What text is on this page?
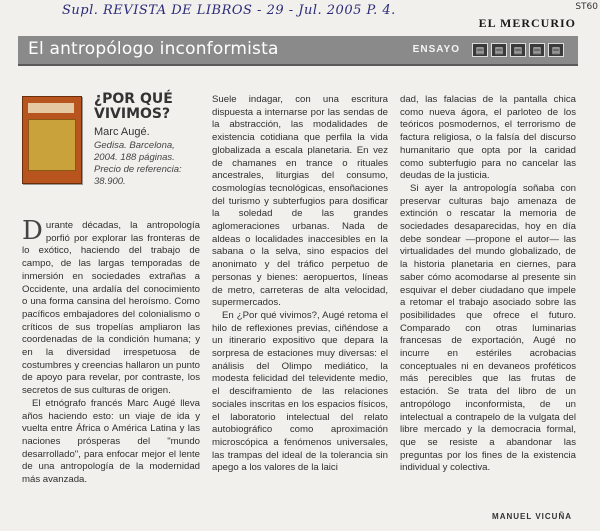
Supl. REVISTA DE LIBROS - 29 - Jul. 2005 P. 4.	ST60
EL MERCURIO
El antropólogo inconformista	ENSAYO	▤	▤	▤	▤	▤
¿POR QUÉ VIVIMOS?
Marc Augé.
Gedisa. Barcelona,
2004. 188 páginas.
Precio de referencia:
38.900.

Durante décadas, la antropología porfió por explorar las fronteras de lo exótico, haciendo del trabajo de campo, de las largas temporadas de inmersión en sociedades extrañas a Occidente, una ardalía del conocimiento o una forma cansina del heroísmo. Como pacíficos embajadores del colonialismo o críticos de sus tropelías ampliaron las coordenadas de la condición humana; y en la diversidad irrespetuosa de costumbres y creencias hallaron un punto de apoyo para revelar, por contraste, los secretos de sus culturas de origen.

El etnógrafo francés Marc Augé lleva años haciendo esto: un viaje de ida y vuelta entre África o América Latina y las naciones prósperas del "mundo desarrollado", para enfocar mejor el lente de una antropología de la modernidad más avanzada.

Suele indagar, con una escritura dispuesta a internarse por las sendas de la abstracción, las modalidades de existencia cotidiana que perfila la vida globalizada a escala planetaria. En vez de chamanes en trance o rituales ancestrales, liturgias del consumo, cosmologías tecnológicas, ensoñaciones del turismo y subterfugios para dosificar la soledad de las grandes aglomeraciones urbanas. Nada de aldeas o localidades inaccesibles en la sabana o la selva, sino espacios del anonimato y del tráfico perpetuo de personas y bienes: aeropuertos, líneas de metro, carreteras de alta velocidad, supermercados.

En ¿Por qué vivimos?, Augé retoma el hilo de reflexiones previas, ciñéndose a un itinerario expositivo que depara la sorpresa de estaciones muy diversas: el análisis del Olimpo mediático, la modesta felicidad del televidente medio, el desciframiento de las relaciones sociales inscritas en los espacios físicos, el laboratorio intelectual del relato autobiográfico como aproximación microscópica a fenómenos universales, las trampas del ideal de la tolerancia sin apego a los valores de la laici

dad, las falacias de la pantalla chica como nueva ágora, el parloteo de los teóricos posmodernos, el terrorismo de factura religiosa, o la falsía del discurso humanitario que opta por la caridad como subterfugio para no cancelar las deudas de la justicia.

Si ayer la antropología soñaba con preservar culturas bajo amenaza de extinción o rescatar la memoria de sociedades desaparecidas, hoy en día debe sondear —propone el autor— las virtualidades del mundo globalizado, de la historia planetaria en ciernes, para saber cómo acomodarse al presente sin esquivar el deber ciudadano que impele a retomar el trabajo asociado sobre las posibilidades que ofrece el futuro. Comparado con otras luminarias francesas de exportación, Augé no incurre en estériles acrobacias conceptuales ni en devaneos proféticos más perecibles que las frutas de estación. Se trata del libro de un antropólogo inconformista, de un intelectual a contrapelo de la vulgata del libre mercado y la democracia formal, que se resiste a abandonar las preguntas por los fines de la existencia individual y colectiva.

MANUEL VICUÑA
